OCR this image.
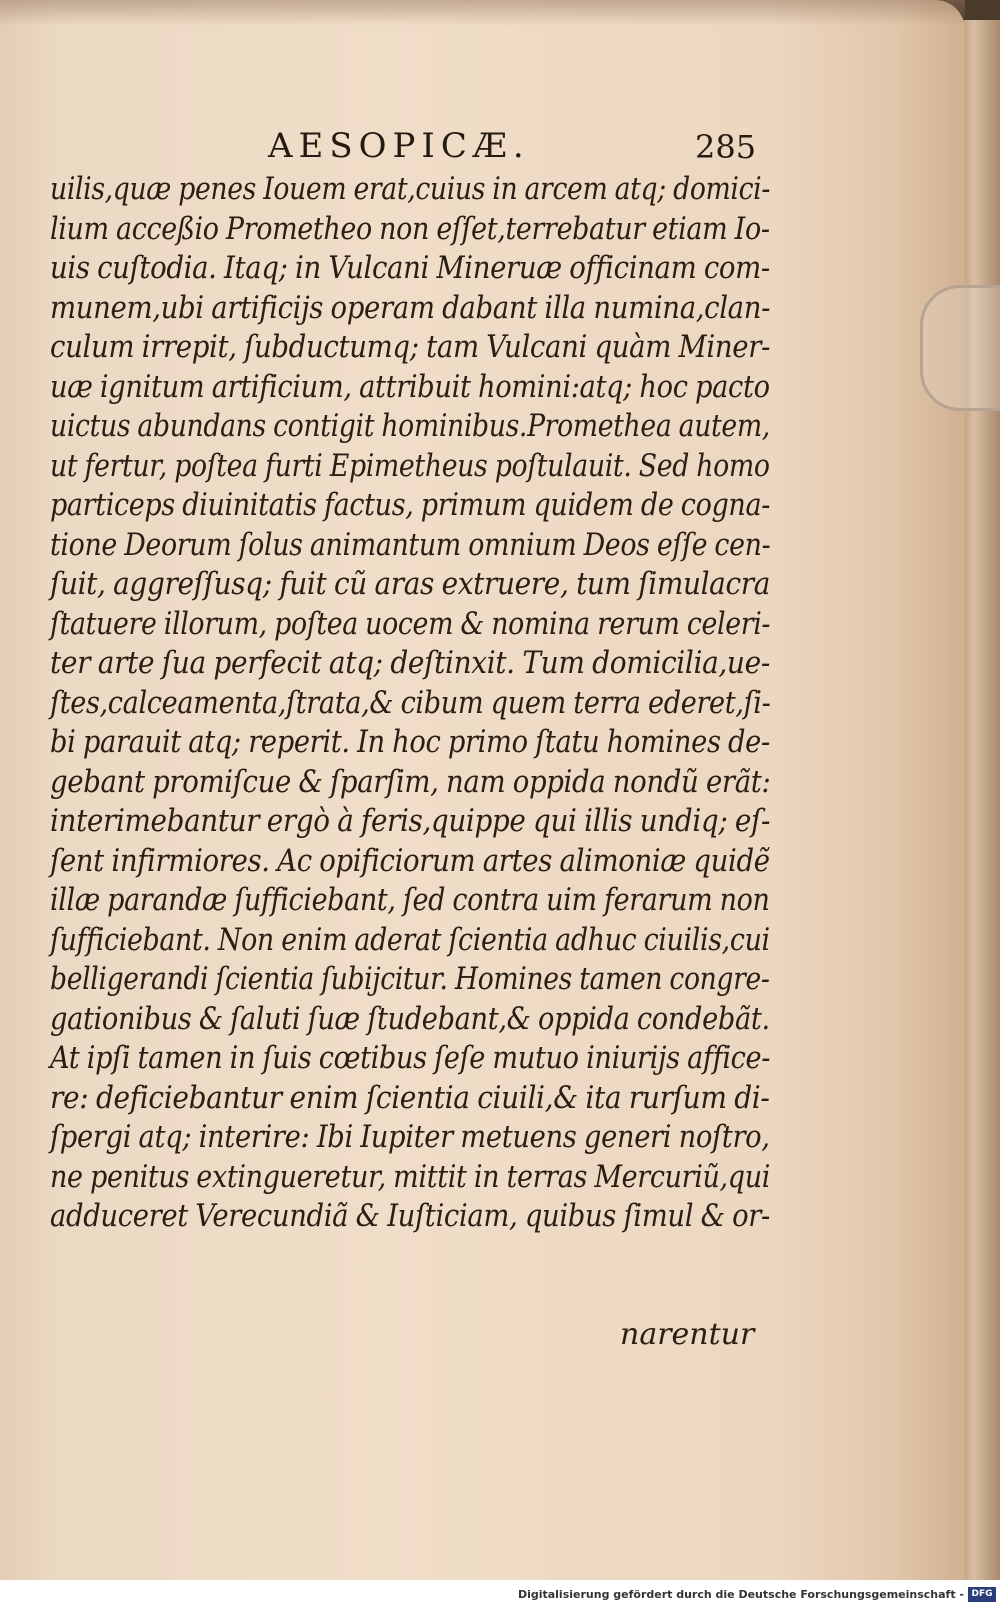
AESOPICÆ.	285
uilis,quæ penes Iouem erat,cuius in arcem atq; domici-
lium acceßio Prometheo non eſſet,terrebatur etiam Io-
uis cuſtodia. Itaq; in Vulcani Mineruæ officinam com-
munem,ubi artificijs operam dabant illa numina,clan-
culum irrepit, ſubductumq; tam Vulcani quàm Miner-
uæ ignitum artificium, attribuit homini:atq; hoc pacto
uictus abundans contigit hominibus.Promethea autem,
ut fertur, poſtea furti Epimetheus poſtulauit. Sed homo
particeps diuinitatis factus, primum quidem de cogna-
tione Deorum ſolus animantum omnium Deos eſſe cen-
ſuit, aggreſſusq; fuit cũ aras extruere, tum ſimulacra
ſtatuere illorum, poſtea uocem & nomina rerum celeri-
ter arte ſua perfecit atq; deſtinxit. Tum domicilia,ue-
ſtes,calceamenta,ſtrata,& cibum quem terra ederet,ſi-
bi parauit atq; reperit. In hoc primo ſtatu homines de-
gebant promiſcue & ſparſim, nam oppida nondũ erãt:
interimebantur ergò à feris,quippe qui illis undiq; eſ-
ſent infirmiores. Ac opificiorum artes alimoniæ quidẽ
illæ parandæ ſufficiebant, ſed contra uim ferarum non
ſufficiebant. Non enim aderat ſcientia adhuc ciuilis,cui
belligerandi ſcientia ſubijcitur. Homines tamen congre-
gationibus & ſaluti ſuæ ſtudebant,& oppida condebãt.
At ipſi tamen in ſuis cœtibus ſeſe mutuo iniurijs affice-
re: deficiebantur enim ſcientia ciuili,& ita rurſum di-
ſpergi atq; interire: Ibi Iupiter metuens generi noſtro,
ne penitus extingueretur, mittit in terras Mercuriũ,qui
adduceret Verecundiã & Iuſticiam, quibus ſimul & or-
narentur
Digitalisierung gefördert durch die Deutsche Forschungsgemeinschaft - DFG
